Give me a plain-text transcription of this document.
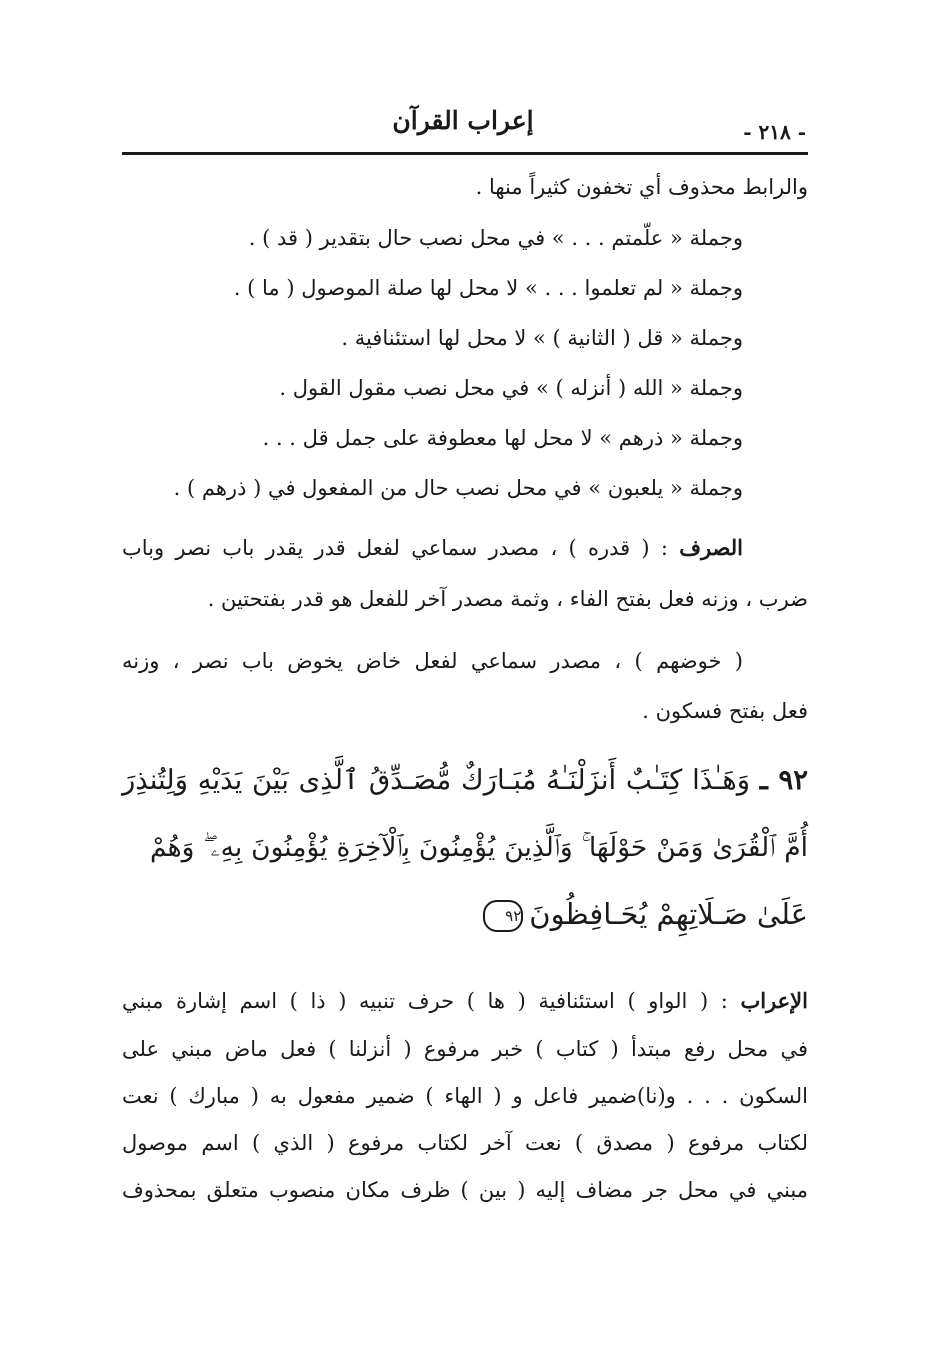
إعراب القرآن	- ٢١٨ -
والرابط محذوف أي تخفون كثيراً منها .
وجملة « علّمتم . . . » في محل نصب حال بتقدير ( قد ) .
وجملة « لم تعلموا . . . » لا محل لها صلة الموصول ( ما ) .
وجملة « قل ( الثانية ) » لا محل لها استئنافية .
وجملة « الله ( أنزله ) » في محل نصب مقول القول .
وجملة « ذرهم » لا محل لها معطوفة على جمل قل . . .
وجملة « يلعبون » في محل نصب حال من المفعول في ( ذرهم ) .
الصرف : ( قدره ) ، مصدر سماعي لفعل قدر يقدر باب نصر وباب
ضرب ، وزنه فعل بفتح الفاء ، وثمة مصدر آخر للفعل هو قدر بفتحتين .
( خوضهم ) ، مصدر سماعي لفعل خاض يخوض باب نصر ، وزنه
فعل بفتح فسكون .
٩٢ ـ وَهَـٰذَا كِتَـٰبٌ أَنزَلْنَـٰهُ مُبَـارَكٌ مُّصَـدِّقُ ٱلَّذِى بَيْنَ يَدَيْهِ وَلِتُنذِرَ
أُمَّ ٱلْقُرَىٰ وَمَنْ حَوْلَهَا ۚ وَٱلَّذِينَ يُؤْمِنُونَ بِٱلْآخِرَةِ يُؤْمِنُونَ بِهِۦ ۖ وَهُمْ
عَلَىٰ صَـلَاتِهِمْ يُحَـافِظُونَ٩٢
الإعراب : ( الواو ) استئنافية ( ها ) حرف تنبيه ( ذا ) اسم إشارة مبني
في محل رفع مبتدأ ( كتاب ) خبر مرفوع ( أنزلنا ) فعل ماض مبني على
السكون . . . و(نا)ضمير فاعل و ( الهاء ) ضمير مفعول به ( مبارك ) نعت
لكتاب مرفوع ( مصدق ) نعت آخر لكتاب مرفوع ( الذي ) اسم موصول
مبني في محل جر مضاف إليه ( بين ) ظرف مكان منصوب متعلق بمحذوف
